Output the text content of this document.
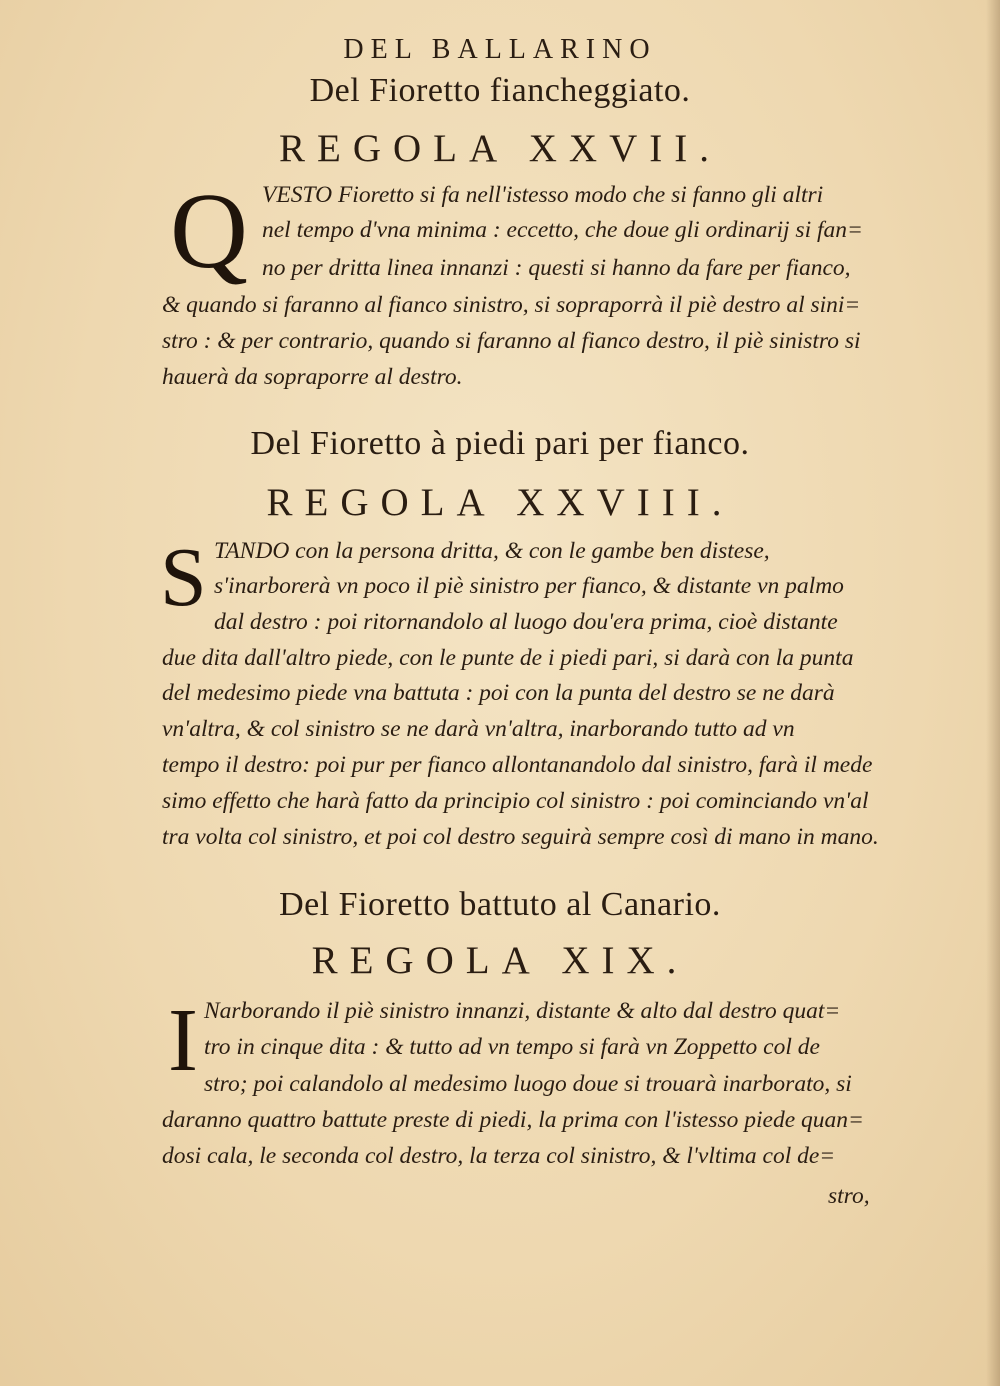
DEL BALLARINO
Del Fioretto fiancheggiato.
REGOLA XXVII.
Del Fioretto à piedi pari per fianco.
REGOLA XXVIII.
Del Fioretto battuto al Canario.
REGOLA XIX.
Q VESTO Fioretto si fa nell'istesso modo che si fanno gli altri
nel tempo d'vna minima : eccetto, che doue gli ordinarij si fan=
no per dritta linea innanzi : questi si hanno da fare per fianco,
& quando si faranno al fianco sinistro, si sopraporrà il piè destro al sini=
stro : & per contrario, quando si faranno al fianco destro, il piè sinistro si
hauerà da sopraporre al destro.
S TANDO con la persona dritta, & con le gambe ben distese,
s'inarborerà vn poco il piè sinistro per fianco, & distante vn palmo
dal destro : poi ritornandolo al luogo dou'era prima, cioè distante
due dita dall'altro piede, con le punte de i piedi pari, si darà con la punta
del medesimo piede vna battuta : poi con la punta del destro se ne darà
vn'altra, & col sinistro se ne darà vn'altra, inarborando tutto ad vn
tempo il destro: poi pur per fianco allontanandolo dal sinistro, farà il mede
simo effetto che harà fatto da principio col sinistro : poi cominciando vn'al
tra volta col sinistro, et poi col destro seguirà sempre così di mano in mano.
I Narborando il piè sinistro innanzi, distante & alto dal destro quat=
tro in cinque dita : & tutto ad vn tempo si farà vn Zoppetto col de
stro; poi calandolo al medesimo luogo doue si trouarà inarborato, si
daranno quattro battute preste di piedi, la prima con l'istesso piede quan=
dosi cala, le seconda col destro, la terza col sinistro, & l'vltima col de=
stro,
